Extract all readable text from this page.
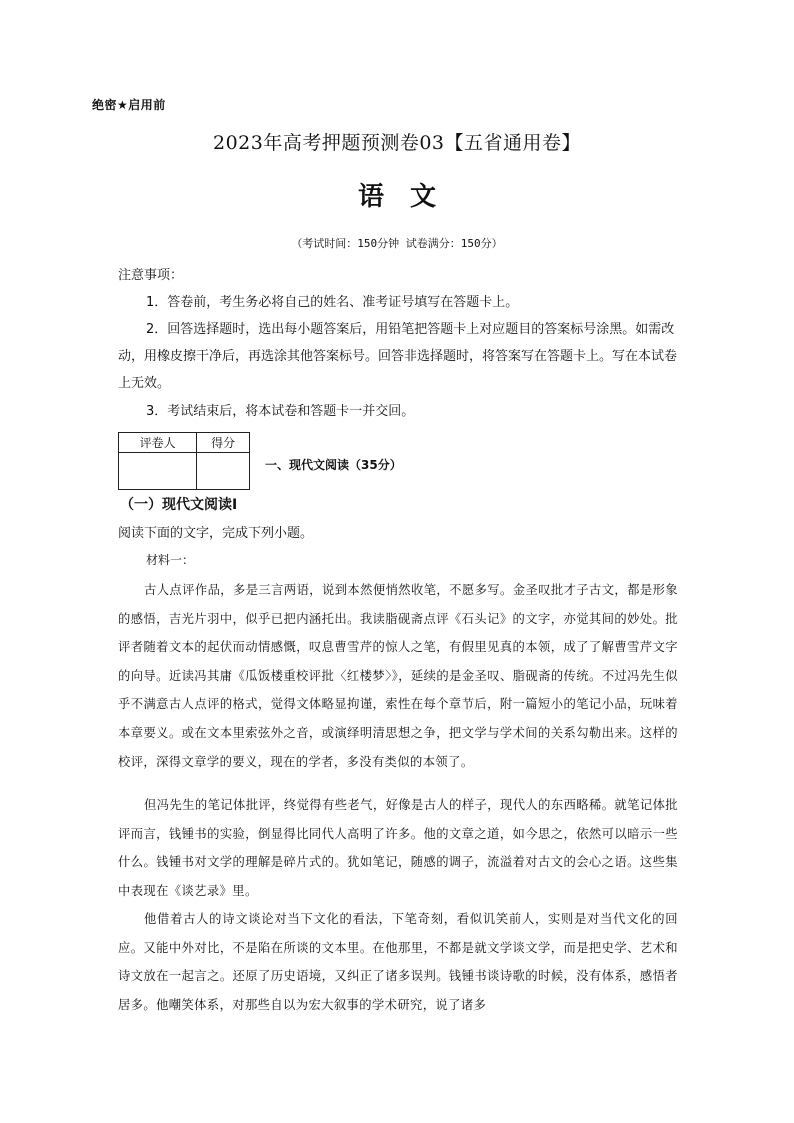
绝密★启用前
2023年高考押题预测卷03【五省通用卷】
语文
（考试时间：150分钟 试卷满分：150分）
注意事项：
1．答卷前，考生务必将自己的姓名、准考证号填写在答题卡上。
2．回答选择题时，选出每小题答案后，用铅笔把答题卡上对应题目的答案标号涂黑。如需改动，用橡皮擦干净后，再选涂其他答案标号。回答非选择题时，将答案写在答题卡上。写在本试卷上无效。
3．考试结束后，将本试卷和答题卡一并交回。
评卷人	得分

一、现代文阅读（35分）
（一）现代文阅读Ⅰ
阅读下面的文字，完成下列小题。
材料一：
古人点评作品，多是三言两语，说到本然便悄然收笔，不愿多写。金圣叹批才子古文，都是形象的感悟，吉光片羽中，似乎已把内涵托出。我读脂砚斋点评《石头记》的文字，亦觉其间的妙处。批评者随着文本的起伏而动情感慨，叹息曹雪芹的惊人之笔，有假里见真的本领，成了了解曹雪芹文字的向导。近读冯其庸《瓜饭楼重校评批〈红楼梦〉》，延续的是金圣叹、脂砚斋的传统。不过冯先生似乎不满意古人点评的格式，觉得文体略显拘谨，索性在每个章节后，附一篇短小的笔记小品，玩味着本章要义。或在文本里索弦外之音，或演绎明清思想之争，把文学与学术间的关系勾勒出来。这样的校评，深得文章学的要义，现在的学者，多没有类似的本领了。
但冯先生的笔记体批评，终觉得有些老气，好像是古人的样子，现代人的东西略稀。就笔记体批评而言，钱锺书的实验，倒显得比同代人高明了许多。他的文章之道，如今思之，依然可以暗示一些什么。钱锺书对文学的理解是碎片式的。犹如笔记，随感的调子，流溢着对古文的会心之语。这些集中表现在《谈艺录》里。
他借着古人的诗文谈论对当下文化的看法，下笔奇刻，看似讥笑前人，实则是对当代文化的回应。又能中外对比，不是陷在所谈的文本里。在他那里，不都是就文学谈文学，而是把史学、艺术和诗文放在一起言之。还原了历史语境，又纠正了诸多误判。钱锺书谈诗歌的时候，没有体系，感悟者居多。他嘲笑体系，对那些自以为宏大叙事的学术研究，说了诸多
